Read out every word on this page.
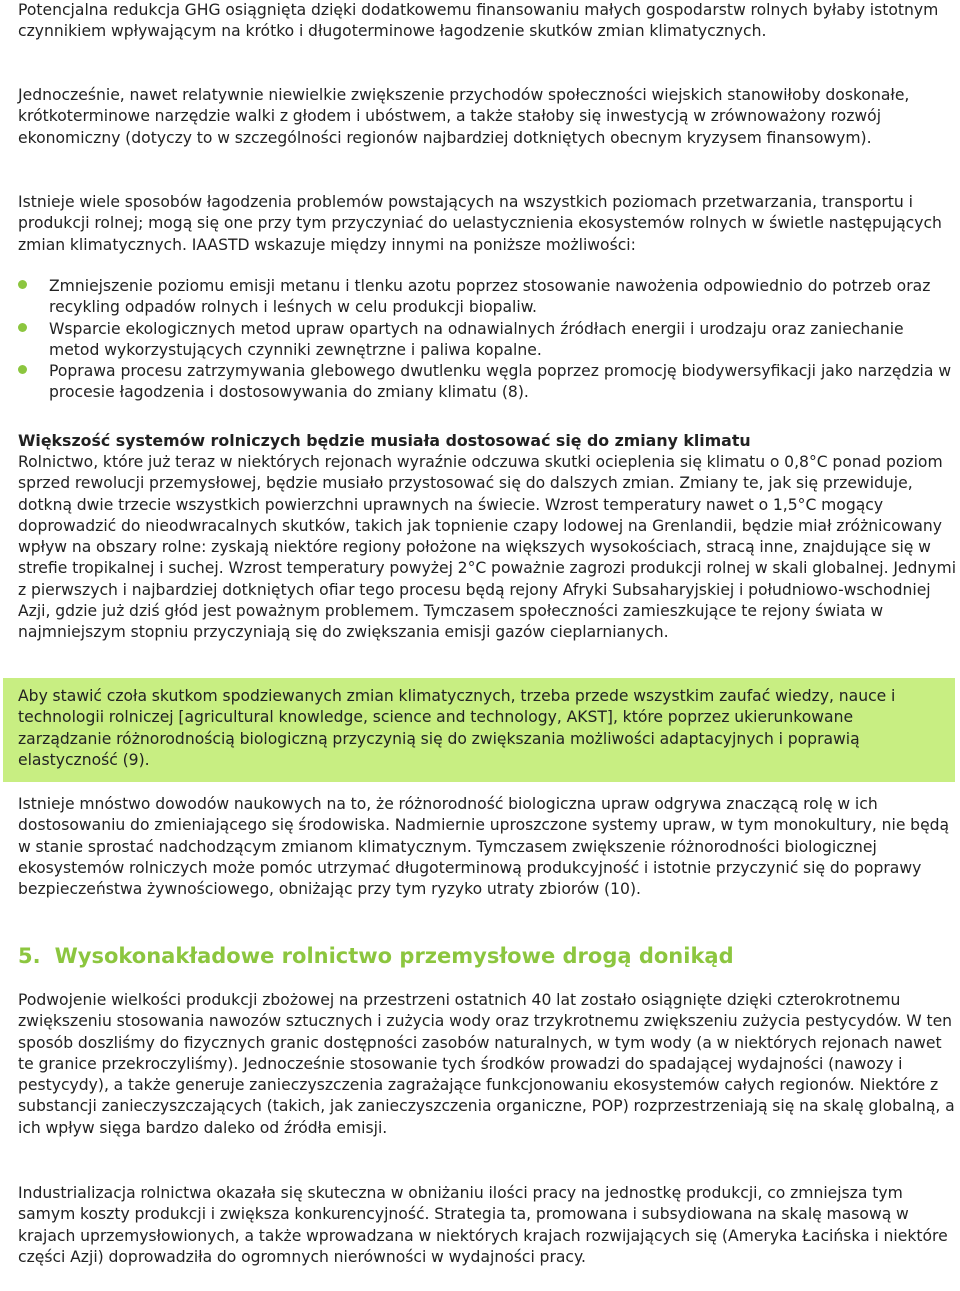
Potencjalna redukcja GHG osiągnięta dzięki dodatkowemu finansowaniu małych gospodarstw rolnych byłaby istotnym czynnikiem wpływającym na krótko i długoterminowe łagodzenie skutków zmian klimatycznych.

Jednocześnie, nawet relatywnie niewielkie zwiększenie przychodów społeczności wiejskich stanowiłoby doskonałe, krótkoterminowe narzędzie walki z głodem i ubóstwem, a także stałoby się inwestycją w zrównoważony rozwój ekonomiczny (dotyczy to w szczególności regionów najbardziej dotkniętych obecnym kryzysem finansowym).

Istnieje wiele sposobów łagodzenia problemów powstających na wszystkich poziomach przetwarzania, transportu i produkcji rolnej; mogą się one przy tym przyczyniać do uelastycznienia ekosystemów rolnych w świetle następujących zmian klimatycznych. IAASTD wskazuje między innymi na poniższe możliwości:

Zmniejszenie poziomu emisji metanu i tlenku azotu poprzez stosowanie nawożenia odpowiednio do potrzeb oraz recykling odpadów rolnych i leśnych w celu produkcji biopaliw.
Wsparcie ekologicznych metod upraw opartych na odnawialnych źródłach energii i urodzaju oraz zaniechanie metod wykorzystujących czynniki zewnętrzne i paliwa kopalne.
Poprawa procesu zatrzymywania glebowego dwutlenku węgla poprzez promocję biodywersyfikacji jako narzędzia w procesie łagodzenia i dostosowywania do zmiany klimatu (8).

Większość systemów rolniczych będzie musiała dostosować się do zmiany klimatu

Rolnictwo, które już teraz w niektórych rejonach wyraźnie odczuwa skutki ocieplenia się klimatu o 0,8°C ponad poziom sprzed rewolucji przemysłowej, będzie musiało przystosować się do dalszych zmian. Zmiany te, jak się przewiduje, dotkną dwie trzecie wszystkich powierzchni uprawnych na świecie. Wzrost temperatury nawet o 1,5°C mogący doprowadzić do nieodwracalnych skutków, takich jak topnienie czapy lodowej na Grenlandii, będzie miał zróżnicowany wpływ na obszary rolne: zyskają niektóre regiony położone na większych wysokościach, stracą inne, znajdujące się w strefie tropikalnej i suchej. Wzrost temperatury powyżej 2°C poważnie zagrozi produkcji rolnej w skali globalnej. Jednymi z pierwszych i najbardziej dotkniętych ofiar tego procesu będą rejony Afryki Subsaharyjskiej i południowo-wschodniej Azji, gdzie już dziś głód jest poważnym problemem. Tymczasem społeczności zamieszkujące te rejony świata w najmniejszym stopniu przyczyniają się do zwiększania emisji gazów cieplarnianych.

Aby stawić czoła skutkom spodziewanych zmian klimatycznych, trzeba przede wszystkim zaufać wiedzy, nauce i technologii rolniczej [agricultural knowledge, science and technology, AKST], które poprzez ukierunkowane zarządzanie różnorodnością biologiczną przyczynią się do zwiększania możliwości adaptacyjnych i poprawią elastyczność (9).

Istnieje mnóstwo dowodów naukowych na to, że różnorodność biologiczna upraw odgrywa znaczącą rolę w ich dostosowaniu do zmieniającego się środowiska. Nadmiernie uproszczone systemy upraw, w tym monokultury, nie będą w stanie sprostać nadchodzącym zmianom klimatycznym. Tymczasem zwiększenie różnorodności biologicznej ekosystemów rolniczych może pomóc utrzymać długoterminową produkcyjność i istotnie przyczynić się do poprawy bezpieczeństwa żywnościowego, obniżając przy tym ryzyko utraty zbiorów (10).

5. Wysokonakładowe rolnictwo przemysłowe drogą donikąd

Podwojenie wielkości produkcji zbożowej na przestrzeni ostatnich 40 lat zostało osiągnięte dzięki czterokrotnemu zwiększeniu stosowania nawozów sztucznych i zużycia wody oraz trzykrotnemu zwiększeniu zużycia pestycydów. W ten sposób doszliśmy do fizycznych granic dostępności zasobów naturalnych, w tym wody (a w niektórych rejonach nawet te granice przekroczyliśmy). Jednocześnie stosowanie tych środków prowadzi do spadającej wydajności (nawozy i pestycydy), a także generuje zanieczyszczenia zagrażające funkcjonowaniu ekosystemów całych regionów. Niektóre z substancji zanieczyszczających (takich, jak zanieczyszczenia organiczne, POP) rozprzestrzeniają się na skalę globalną, a ich wpływ sięga bardzo daleko od źródła emisji.

Industrializacja rolnictwa okazała się skuteczna w obniżaniu ilości pracy na jednostkę produkcji, co zmniejsza tym samym koszty produkcji i zwiększa konkurencyjność. Strategia ta, promowana i subsydiowana na skalę masową w krajach uprzemysłowionych, a także wprowadzana w niektórych krajach rozwijających się (Ameryka Łacińska i niektóre części Azji) doprowadziła do ogromnych nierówności w wydajności pracy.
